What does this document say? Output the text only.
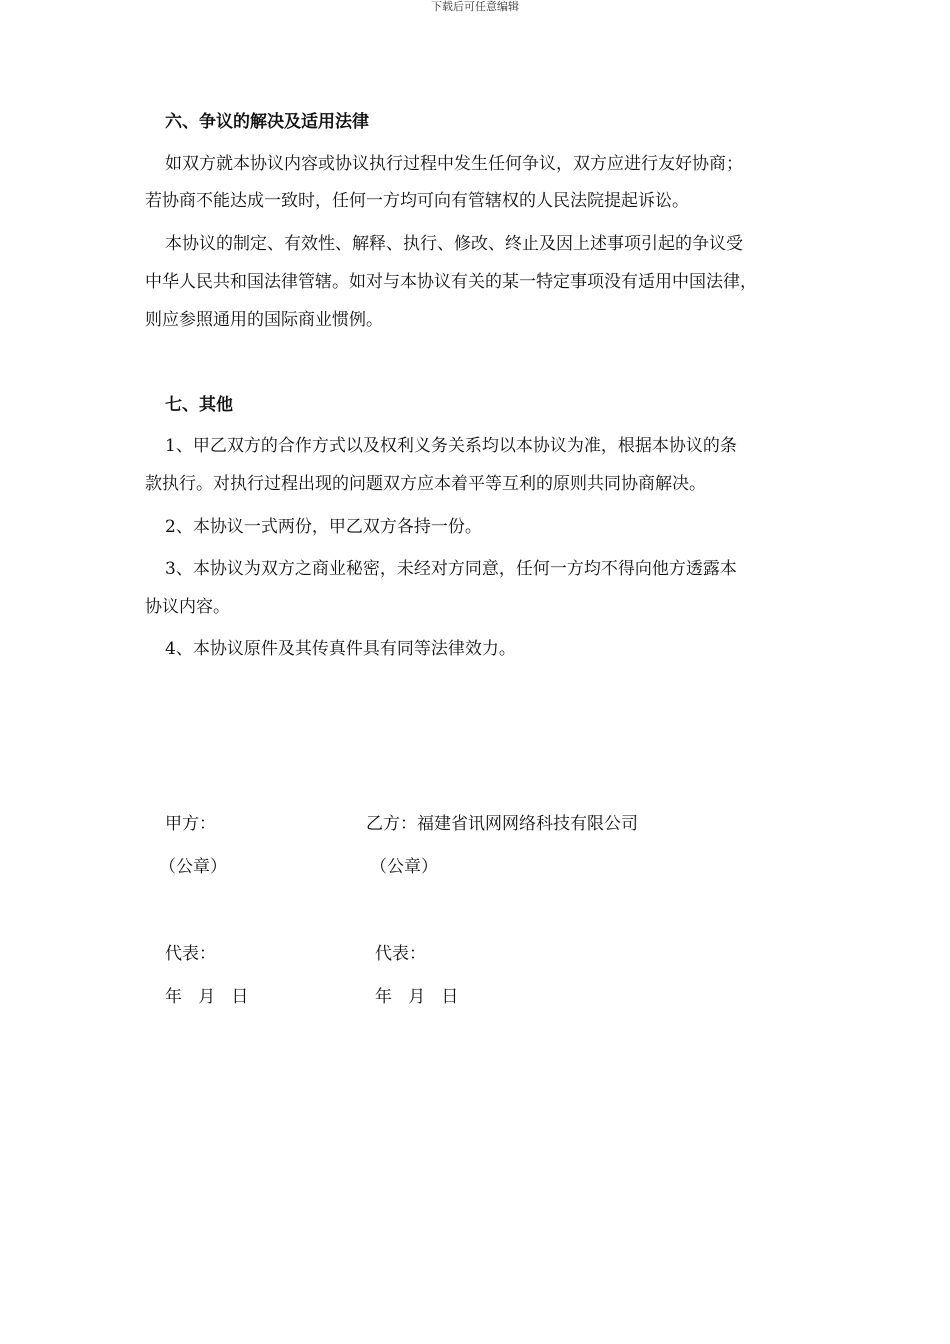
下载后可任意编辑
六、争议的解决及适用法律
如双方就本协议内容或协议执行过程中发生任何争议，双方应进行友好协商；
若协商不能达成一致时，任何一方均可向有管辖权的人民法院提起诉讼。
本协议的制定、有效性、解释、执行、修改、终止及因上述事项引起的争议受
中华人民共和国法律管辖。如对与本协议有关的某一特定事项没有适用中国法律，
则应参照通用的国际商业惯例。
七、其他
1、甲乙双方的合作方式以及权利义务关系均以本协议为准，根据本协议的条
款执行。对执行过程出现的问题双方应本着平等互利的原则共同协商解决。
2、本协议一式两份，甲乙双方各持一份。
3、本协议为双方之商业秘密，未经对方同意，任何一方均不得向他方透露本
协议内容。
4、本协议原件及其传真件具有同等法律效力。
甲方：	乙方：福建省讯网网络科技有限公司
（公章）	（公章）
代表：	代表：
年   月   日	年   月   日
